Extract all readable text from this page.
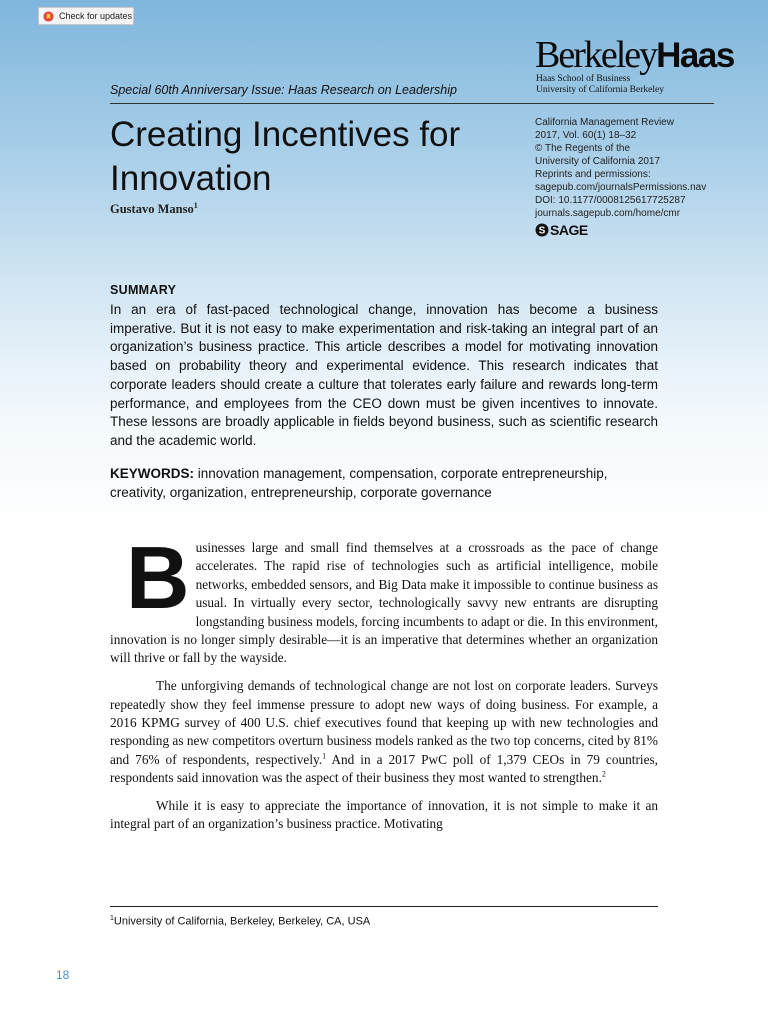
Check for updates
Berkeley Haas
Haas School of Business
University of California Berkeley
Special 60th Anniversary Issue: Haas Research on Leadership
Creating Incentives for Innovation
Gustavo Manso$^1$
California Management Review
2017, Vol. 60(1) 18–32
© The Regents of the
University of California 2017
Reprints and permissions:
sagepub.com/journalsPermissions.nav
DOI: 10.1177/0008125617725287
journals.sagepub.com/home/cmr
S SAGE
SUMMARY

In an era of fast-paced technological change, innovation has become a business imperative. But it is not easy to make experimentation and risk-taking an integral part of an organization’s business practice. This article describes a model for motivating innovation based on probability theory and experimental evidence. This research indicates that corporate leaders should create a culture that tolerates early failure and rewards long-term performance, and employees from the CEO down must be given incentives to innovate. These lessons are broadly applicable in fields beyond business, such as scientific research and the academic world.

KEYWORDS: innovation management, compensation, corporate entrepreneurship, creativity, organization, entrepreneurship, corporate governance

Businesses large and small find themselves at a crossroads as the pace of change accelerates. The rapid rise of technologies such as artificial intelligence, mobile networks, embedded sensors, and Big Data make it impossible to continue business as usual. In virtually every sector, technologically savvy new entrants are disrupting longstanding business models, forcing incumbents to adapt or die. In this environment, innovation is no longer simply desirable—it is an imperative that determines whether an organization will thrive or fall by the wayside.

The unforgiving demands of technological change are not lost on corporate leaders. Surveys repeatedly show they feel immense pressure to adopt new ways of doing business. For example, a 2016 KPMG survey of 400 U.S. chief executives found that keeping up with new technologies and responding as new competitors overturn business models ranked as the two top concerns, cited by 81% and 76% of respondents, respectively.$^1$ And in a 2017 PwC poll of 1,379 CEOs in 79 countries, respondents said innovation was the aspect of their business they most wanted to strengthen.$^2$

While it is easy to appreciate the importance of innovation, it is not simple to make it an integral part of an organization’s business practice. Motivating

$^1$University of California, Berkeley, Berkeley, CA, USA
18
